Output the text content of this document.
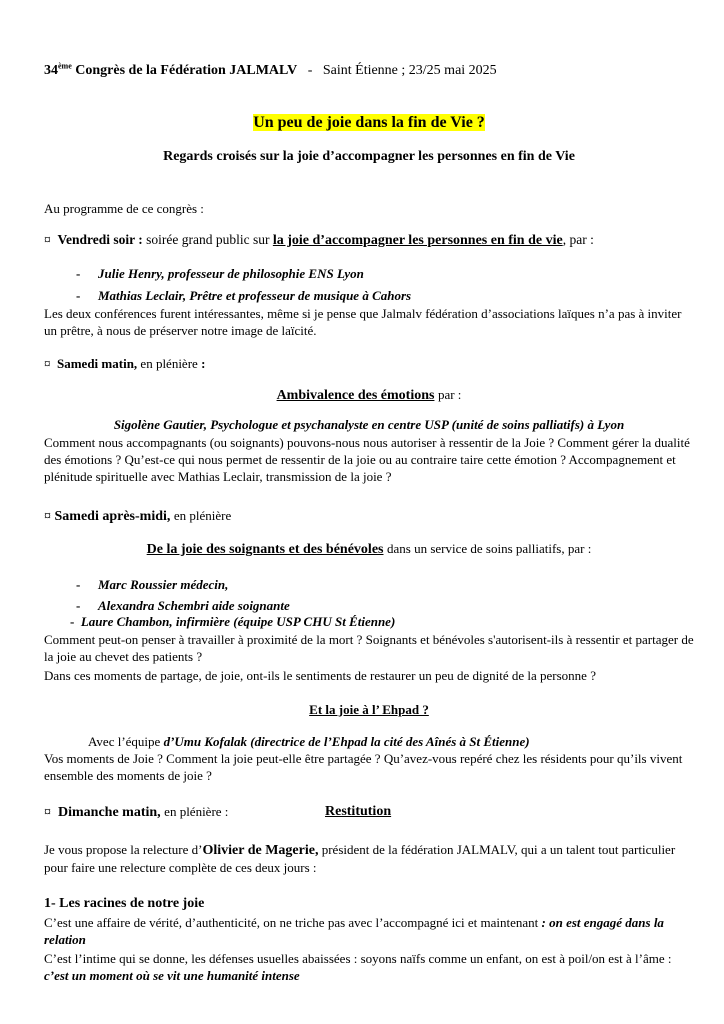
34ème Congrès de la Fédération JALMALV - Saint Étienne ; 23/25 mai 2025
Un peu de joie dans la fin de Vie ?
Regards croisés sur la joie d’accompagner les personnes en fin de Vie
Au programme de ce congrès :
¤ Vendredi soir : soirée grand public sur la joie d’accompagner les personnes en fin de vie, par :
- Julie Henry, professeur de philosophie ENS Lyon
- Mathias Leclair, Prêtre et professeur de musique à Cahors
Les deux conférences furent intéressantes, même si je pense que Jalmalv fédération d’associations laïques n’a pas à inviter un prêtre, à nous de préserver notre image de laïcité.
¤ Samedi matin, en plénière :
Ambivalence des émotions par :
Sigolène Gautier, Psychologue et psychanalyste en centre USP (unité de soins palliatifs) à Lyon
Comment nous accompagnants (ou soignants) pouvons-nous nous autoriser à ressentir de la Joie ? Comment gérer la dualité des émotions ? Qu’est-ce qui nous permet de ressentir de la joie ou au contraire taire cette émotion ? Accompagnement et plénitude spirituelle avec Mathias Leclair, transmission de la joie ?
¤ Samedi après-midi, en plénière
De la joie des soignants et des bénévoles dans un service de soins palliatifs, par :
- Marc Roussier médecin,
- Alexandra Schembri aide soignante
- Laure Chambon, infirmière (équipe USP CHU St Étienne)
Comment peut-on penser à travailler à proximité de la mort ? Soignants et bénévoles s'autorisent-ils à ressentir et partager de la joie au chevet des patients ?
Dans ces moments de partage, de joie, ont-ils le sentiments de restaurer un peu de dignité de la personne ?
Et la joie à l’ Ehpad ?
Avec l’équipe d’Umu Kofalak (directrice de l’Ehpad la cité des Aînés à St Étienne)
Vos moments de Joie ? Comment la joie peut-elle être partagée ? Qu’avez-vous repéré chez les résidents pour qu’ils vivent ensemble des moments de joie ?
¤ Dimanche matin, en plénière :	Restitution
Je vous propose la relecture d’Olivier de Magerie, président de la fédération JALMALV, qui a un talent tout particulier pour faire une relecture complète de ces deux jours :
1- Les racines de notre joie
C’est une affaire de vérité, d’authenticité, on ne triche pas avec l’accompagné ici et maintenant : on est engagé dans la relation
C’est l’intime qui se donne, les défenses usuelles abaissées : soyons naïfs comme un enfant, on est à poil/on est à l’âme : c’est un moment où se vit une humanité intense
